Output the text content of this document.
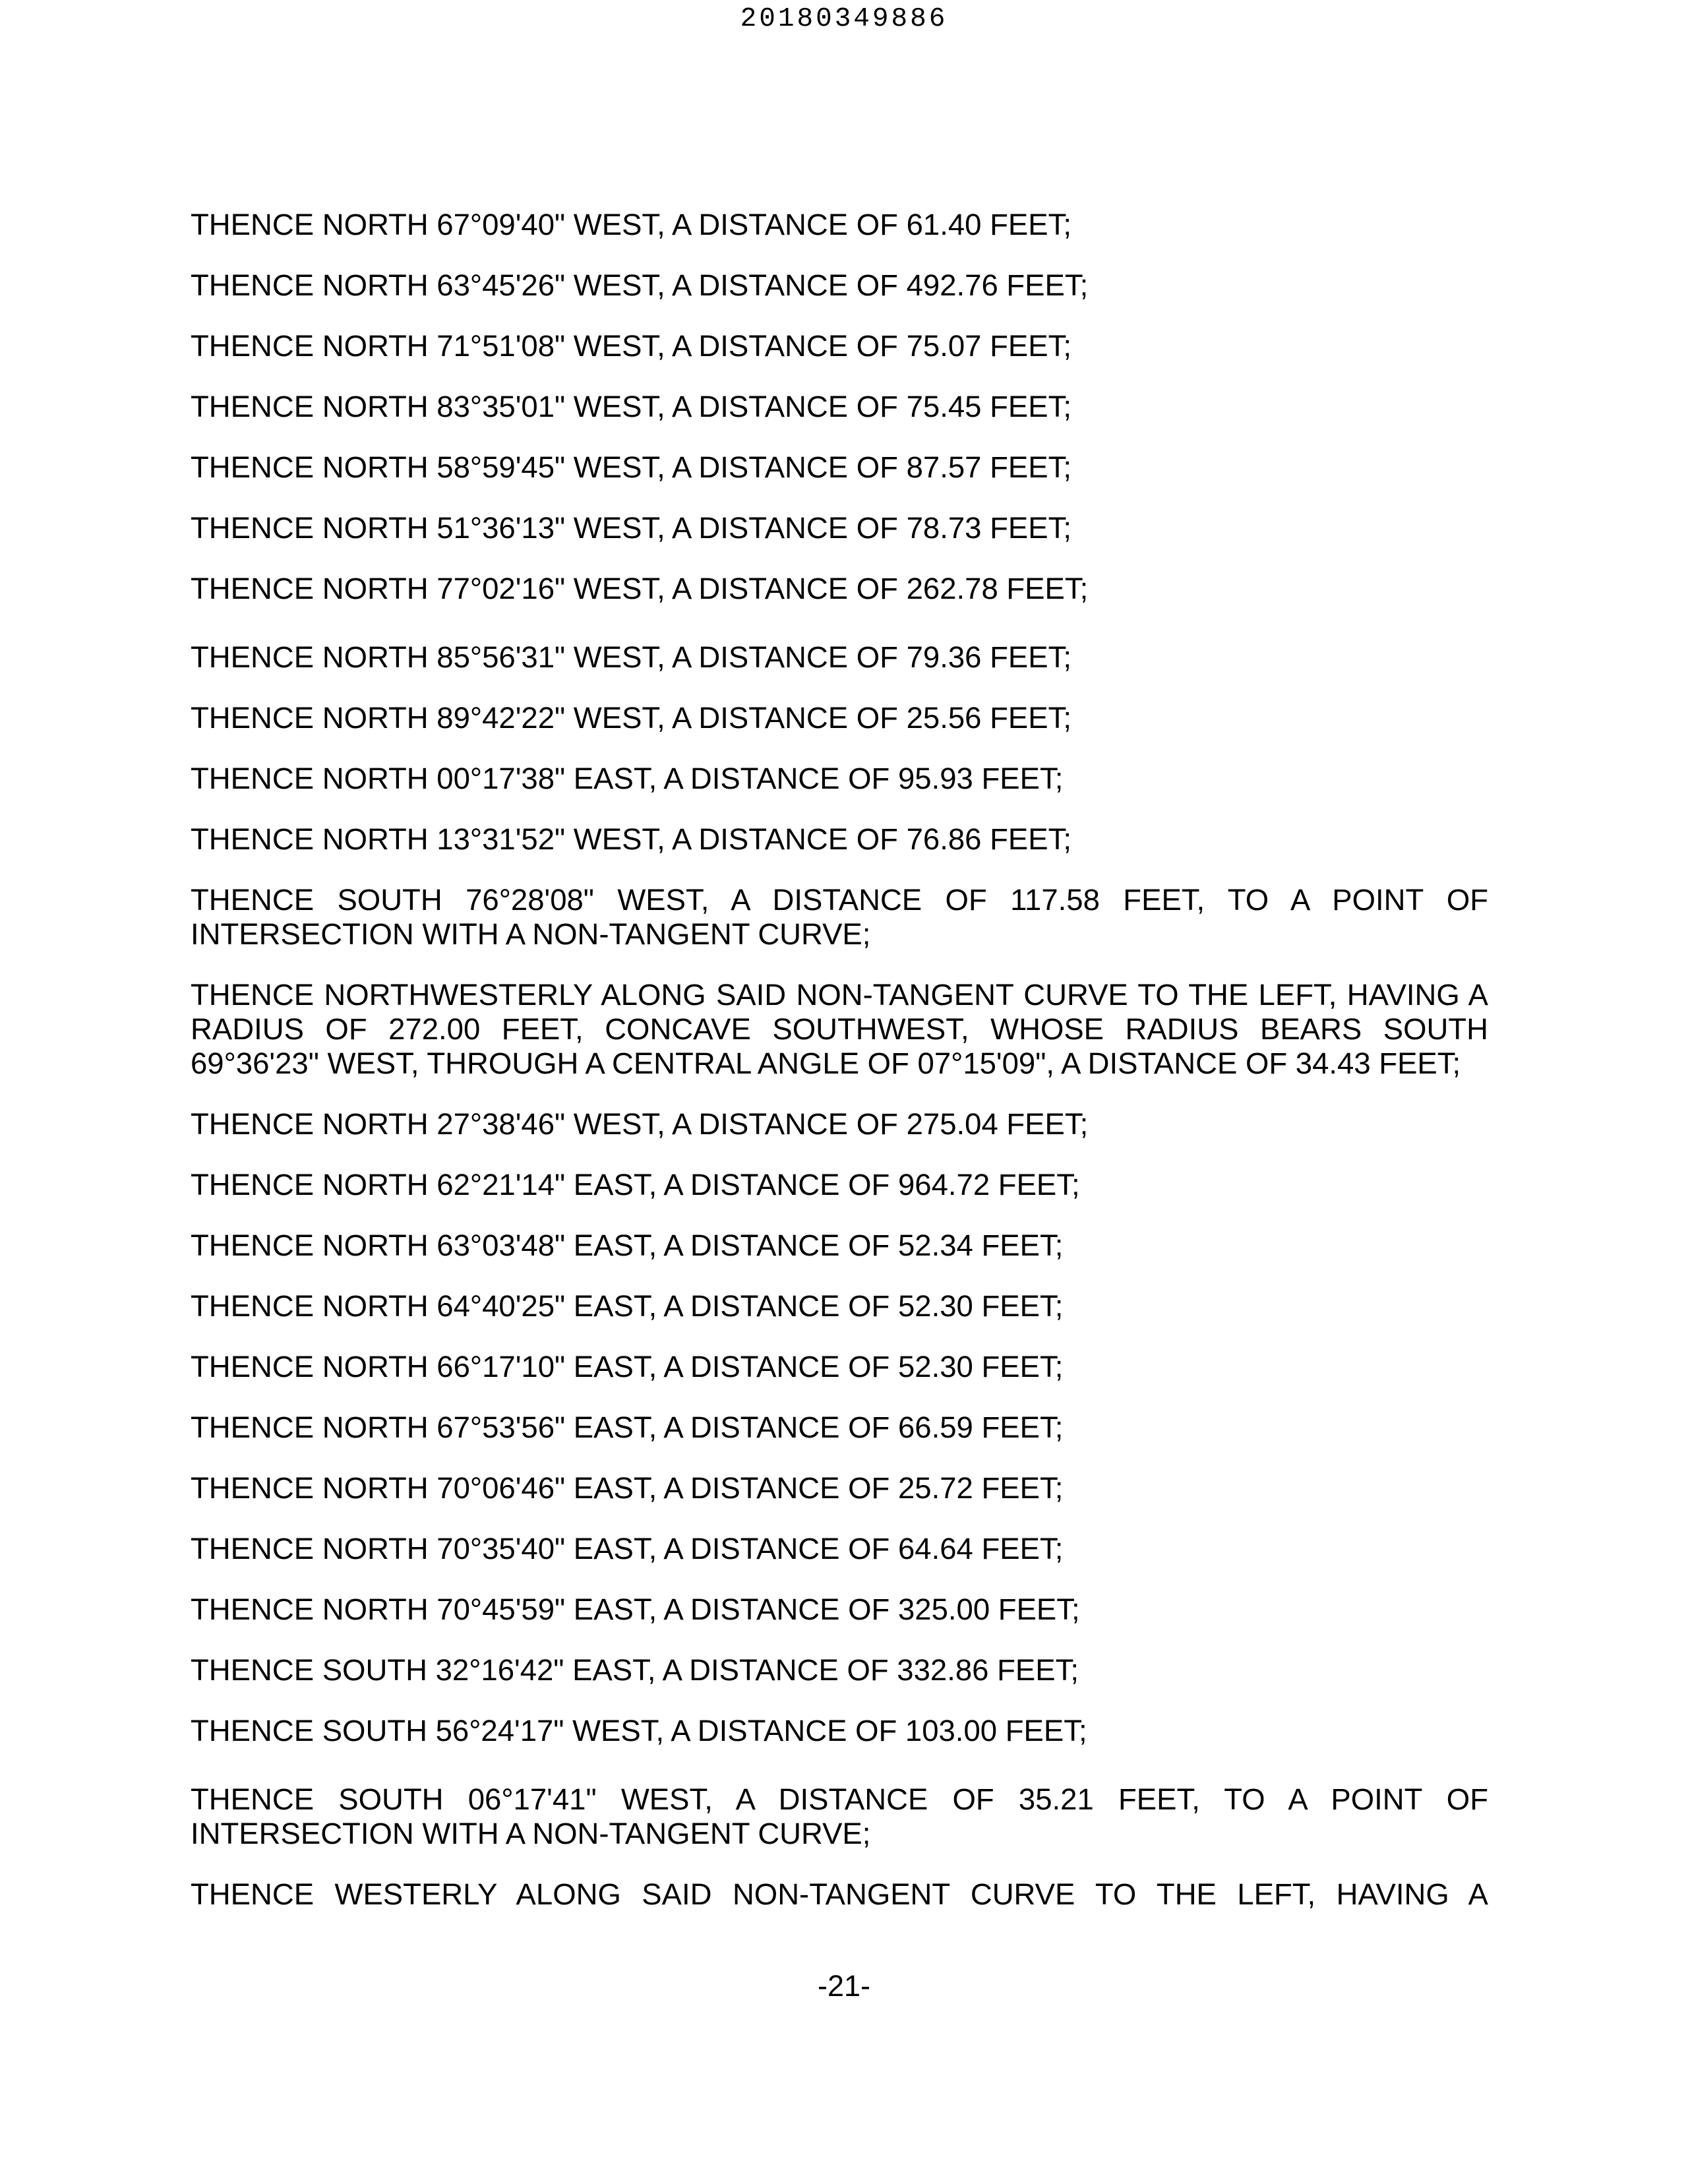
20180349886

THENCE NORTH 67°09'40" WEST, A DISTANCE OF 61.40 FEET;

THENCE NORTH 63°45'26" WEST, A DISTANCE OF 492.76 FEET;

THENCE NORTH 71°51'08" WEST, A DISTANCE OF 75.07 FEET;

THENCE NORTH 83°35'01" WEST, A DISTANCE OF 75.45 FEET;

THENCE NORTH 58°59'45" WEST, A DISTANCE OF 87.57 FEET;

THENCE NORTH 51°36'13" WEST, A DISTANCE OF 78.73 FEET;

THENCE NORTH 77°02'16" WEST, A DISTANCE OF 262.78 FEET;

THENCE NORTH 85°56'31" WEST, A DISTANCE OF 79.36 FEET;

THENCE NORTH 89°42'22" WEST, A DISTANCE OF 25.56 FEET;

THENCE NORTH 00°17'38" EAST, A DISTANCE OF 95.93 FEET;

THENCE NORTH 13°31'52" WEST, A DISTANCE OF 76.86 FEET;

THENCE SOUTH 76°28'08" WEST, A DISTANCE OF 117.58 FEET, TO A POINT OF INTERSECTION WITH A NON-TANGENT CURVE;

THENCE NORTHWESTERLY ALONG SAID NON-TANGENT CURVE TO THE LEFT, HAVING A RADIUS OF 272.00 FEET, CONCAVE SOUTHWEST, WHOSE RADIUS BEARS SOUTH 69°36'23" WEST, THROUGH A CENTRAL ANGLE OF 07°15'09", A DISTANCE OF 34.43 FEET;

THENCE NORTH 27°38'46" WEST, A DISTANCE OF 275.04 FEET;

THENCE NORTH 62°21'14" EAST, A DISTANCE OF 964.72 FEET;

THENCE NORTH 63°03'48" EAST, A DISTANCE OF 52.34 FEET;

THENCE NORTH 64°40'25" EAST, A DISTANCE OF 52.30 FEET;

THENCE NORTH 66°17'10" EAST, A DISTANCE OF 52.30 FEET;

THENCE NORTH 67°53'56" EAST, A DISTANCE OF 66.59 FEET;

THENCE NORTH 70°06'46" EAST, A DISTANCE OF 25.72 FEET;

THENCE NORTH 70°35'40" EAST, A DISTANCE OF 64.64 FEET;

THENCE NORTH 70°45'59" EAST, A DISTANCE OF 325.00 FEET;

THENCE SOUTH 32°16'42" EAST, A DISTANCE OF 332.86 FEET;

THENCE SOUTH 56°24'17" WEST, A DISTANCE OF 103.00 FEET;

THENCE SOUTH 06°17'41" WEST, A DISTANCE OF 35.21 FEET, TO A POINT OF INTERSECTION WITH A NON-TANGENT CURVE;

THENCE WESTERLY ALONG SAID NON-TANGENT CURVE TO THE LEFT, HAVING A

-21-
